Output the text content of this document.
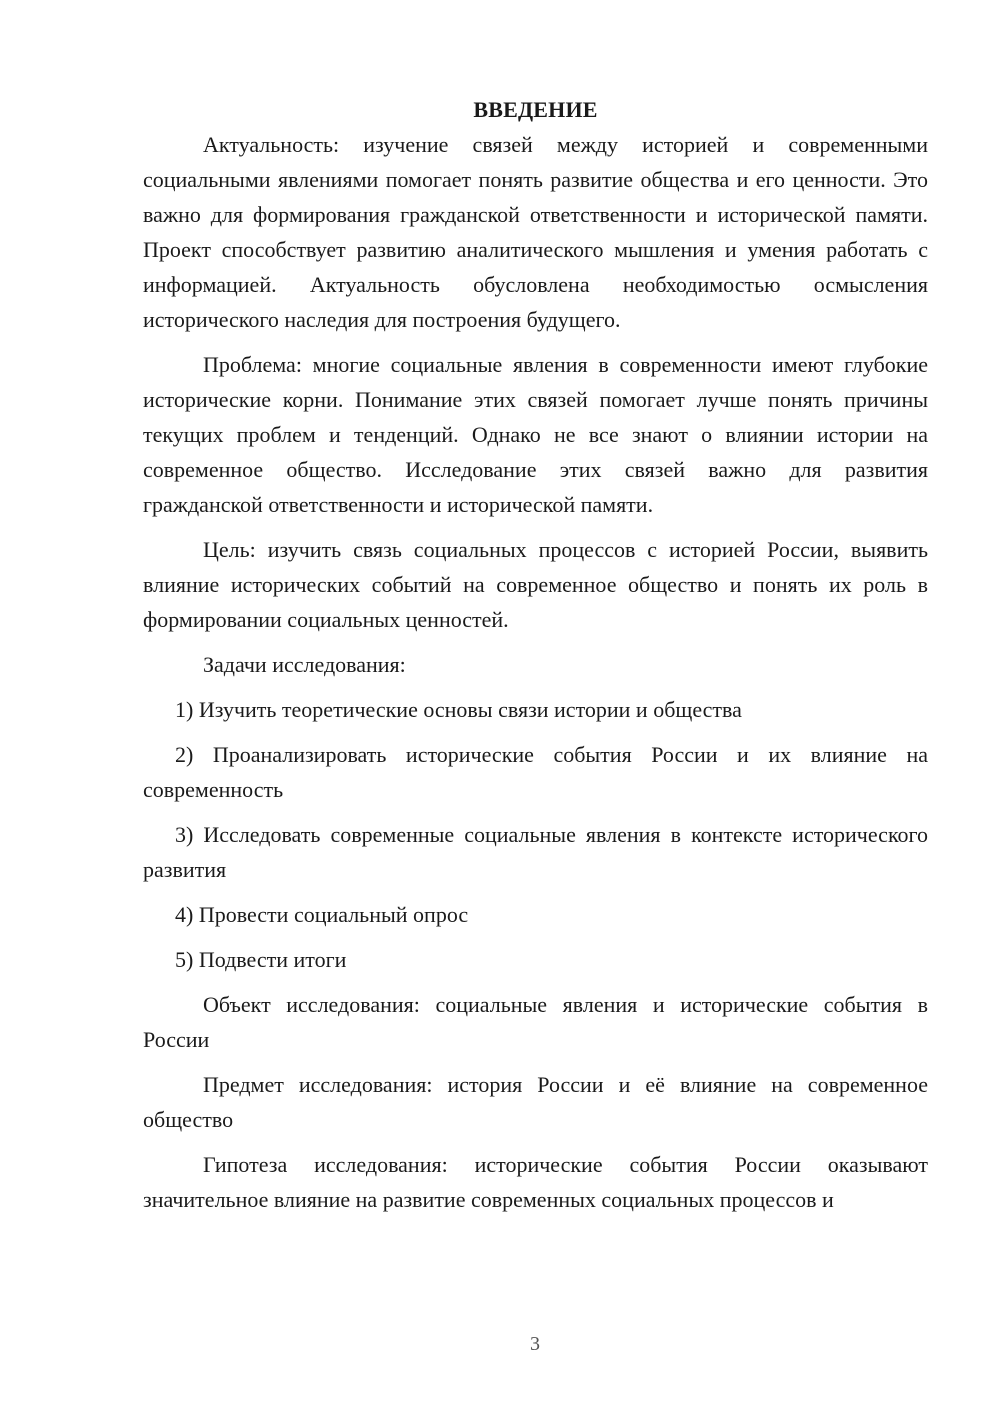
ВВЕДЕНИЕ

Актуальность: изучение связей между историей и современными социальными явлениями помогает понять развитие общества и его ценности. Это важно для формирования гражданской ответственности и исторической памяти. Проект способствует развитию аналитического мышления и умения работать с информацией. Актуальность обусловлена необходимостью осмысления исторического наследия для построения будущего.

Проблема: многие социальные явления в современности имеют глубокие исторические корни. Понимание этих связей помогает лучше понять причины текущих проблем и тенденций. Однако не все знают о влиянии истории на современное общество. Исследование этих связей важно для развития гражданской ответственности и исторической памяти.

Цель: изучить связь социальных процессов с историей России, выявить влияние исторических событий на современное общество и понять их роль в формировании социальных ценностей.

Задачи исследования:

1) Изучить теоретические основы связи истории и общества

2) Проанализировать исторические события России и их влияние на современность

3) Исследовать современные социальные явления в контексте исторического развития

4) Провести социальный опрос

5) Подвести итоги

Объект исследования: социальные явления и исторические события в России

Предмет исследования: история России и её влияние на современное общество

Гипотеза исследования: исторические события России оказывают значительное влияние на развитие современных социальных процессов и

3
